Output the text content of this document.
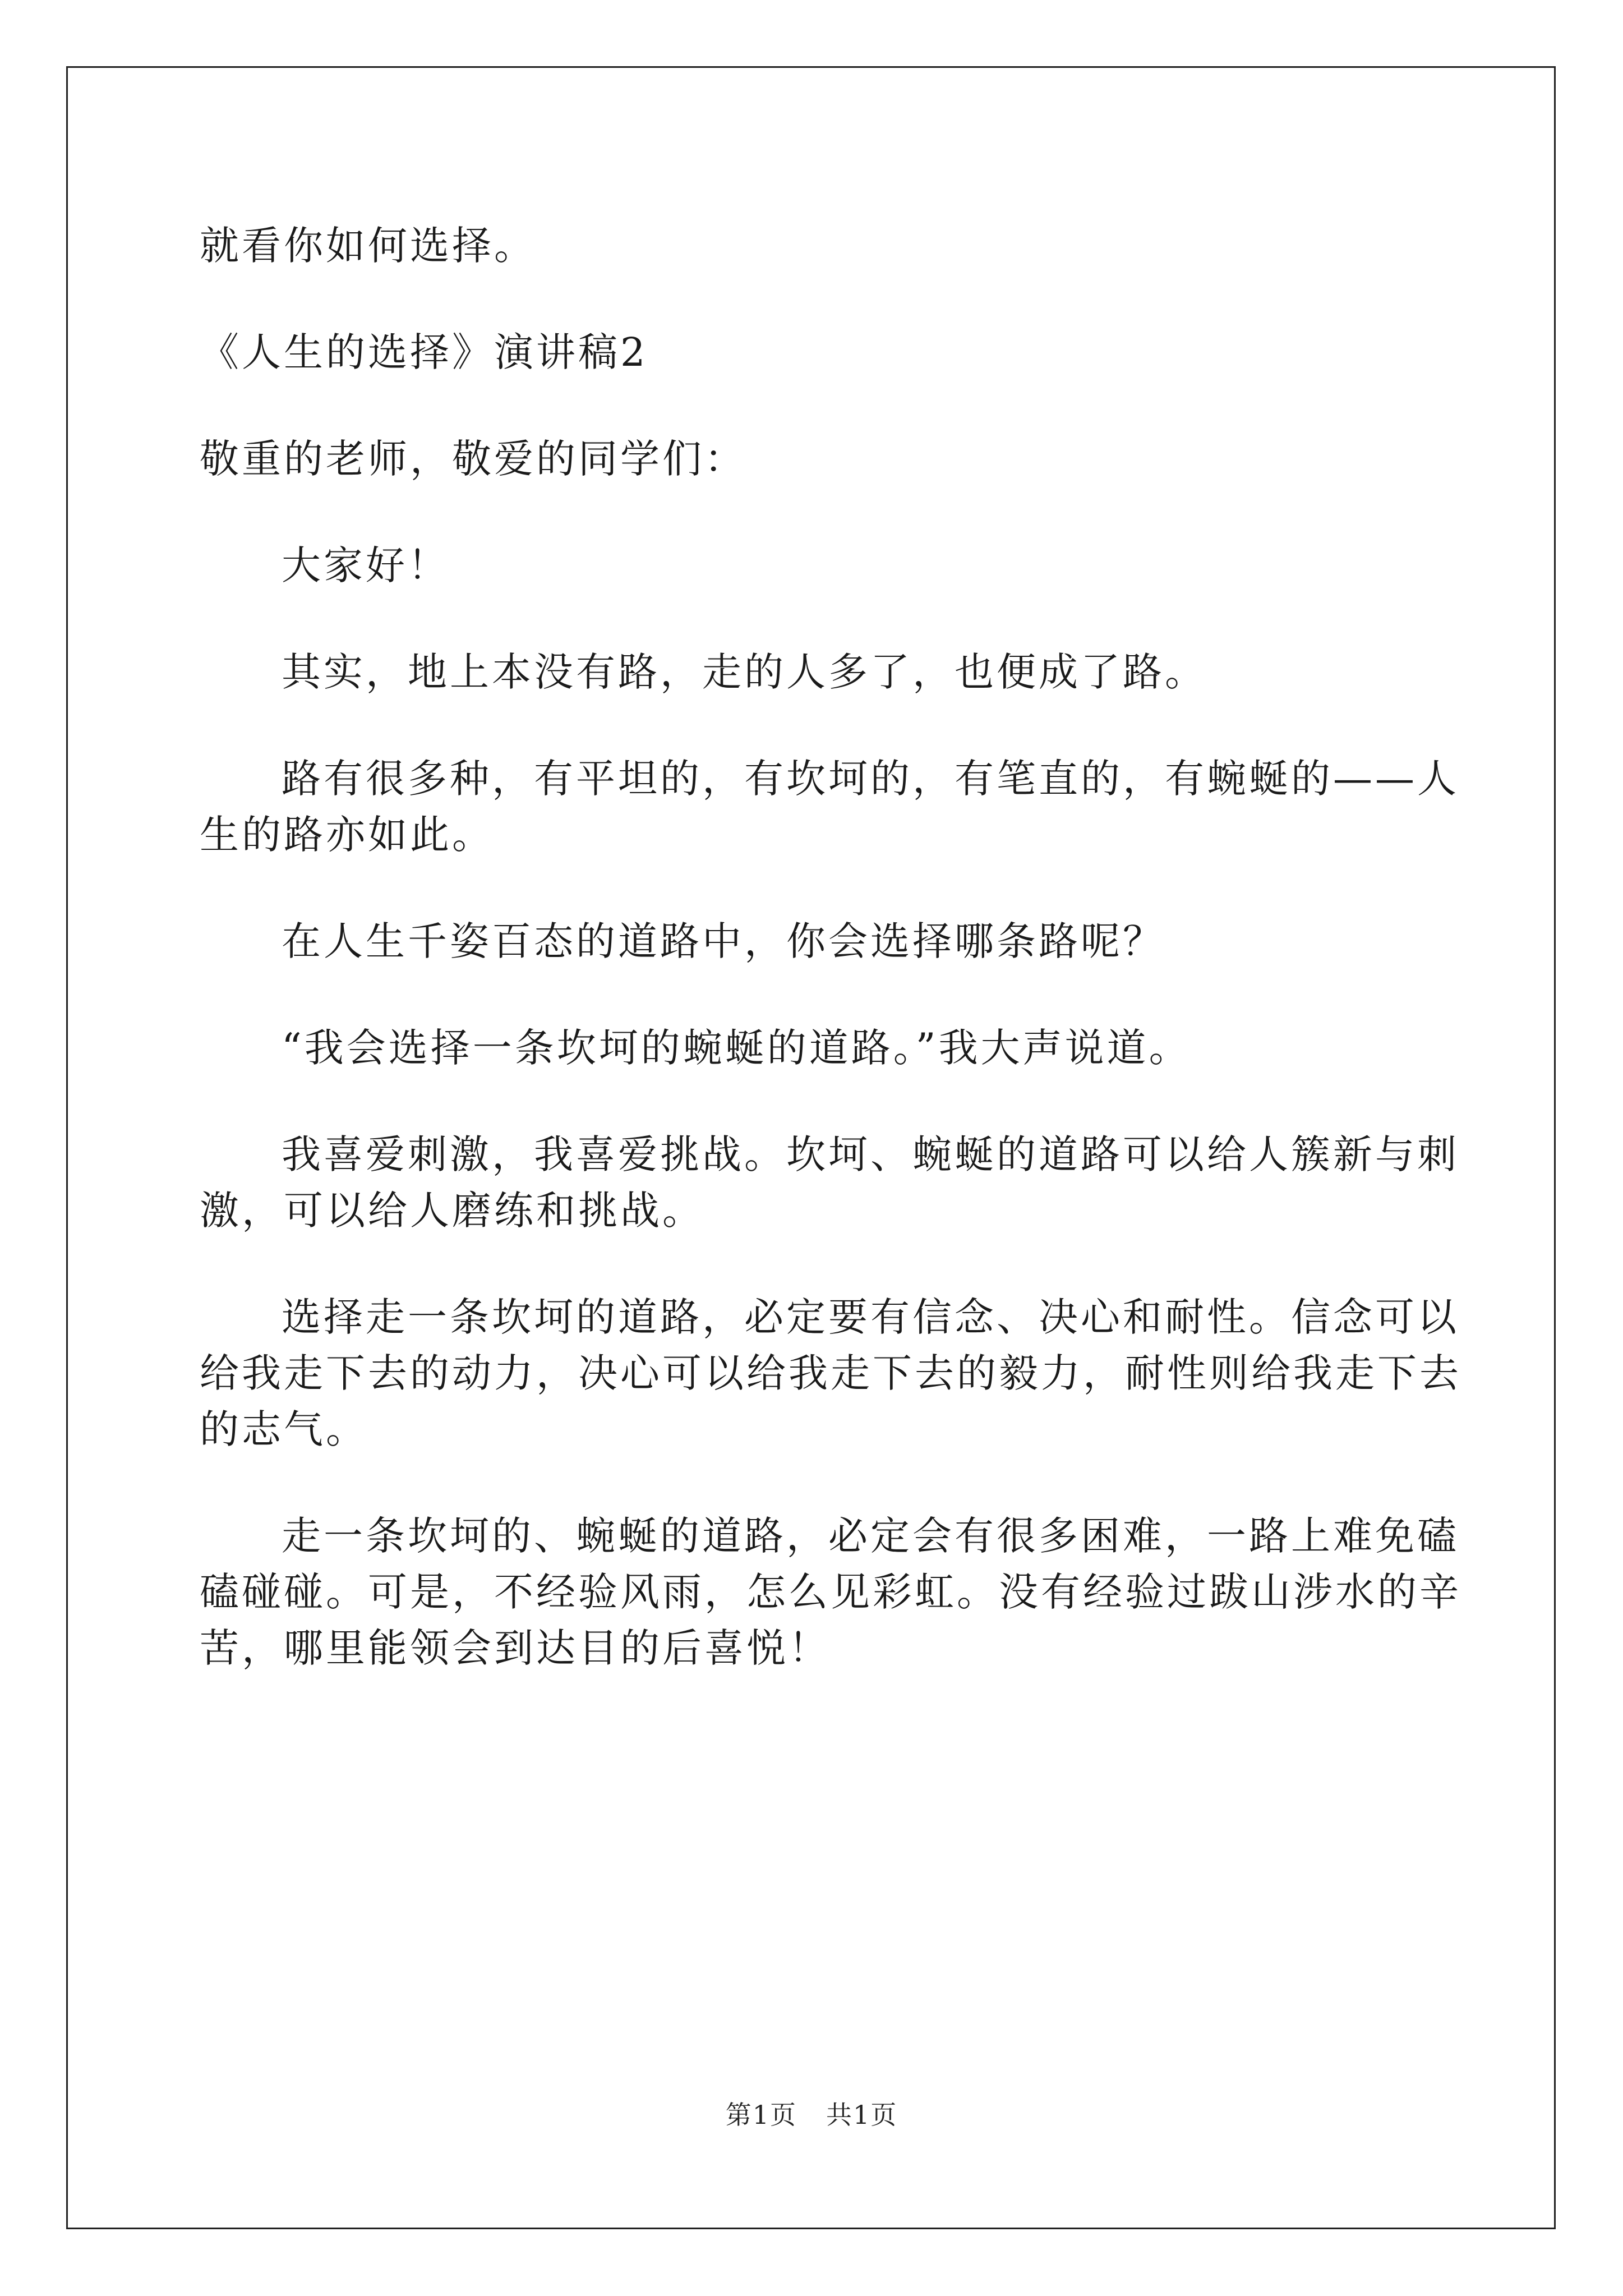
就看你如何选择。
《人生的选择》演讲稿2
敬重的老师，敬爱的同学们：
大家好！
其实，地上本没有路，走的人多了，也便成了路。
路有很多种，有平坦的，有坎坷的，有笔直的，有蜿蜒的——人
生的路亦如此。
在人生千姿百态的道路中，你会选择哪条路呢？
“我会选择一条坎坷的蜿蜒的道路。”我大声说道。
我喜爱刺激，我喜爱挑战。坎坷、蜿蜒的道路可以给人簇新与刺
激，可以给人磨练和挑战。
选择走一条坎坷的道路，必定要有信念、决心和耐性。信念可以
给我走下去的动力，决心可以给我走下去的毅力，耐性则给我走下去
的志气。
走一条坎坷的、蜿蜒的道路，必定会有很多困难，一路上难免磕
磕碰碰。可是，不经验风雨，怎么见彩虹。没有经验过跋山涉水的辛
苦，哪里能领会到达目的后喜悦！
第1页 共1页
